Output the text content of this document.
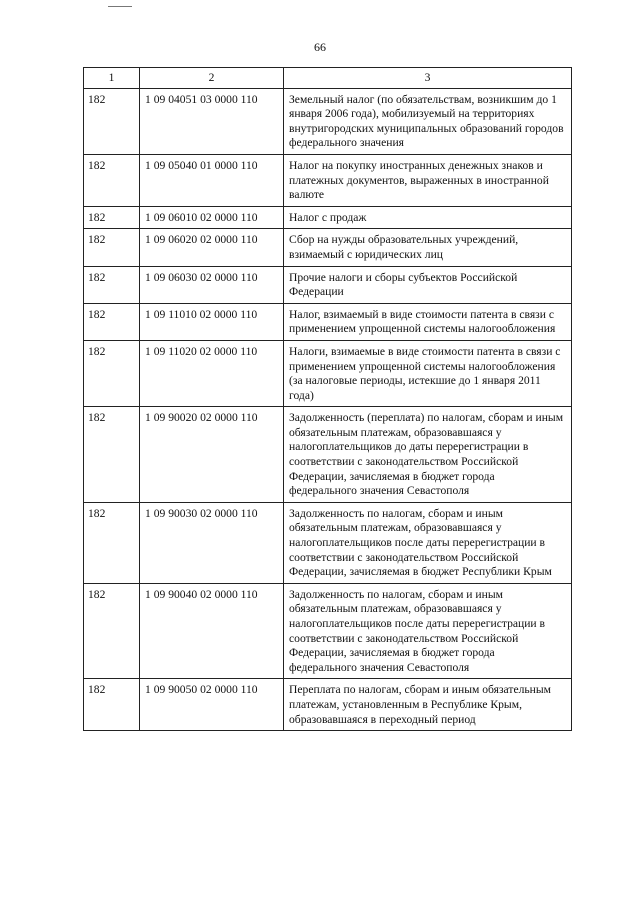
66
1	2	3
182	1 09 04051 03 0000 110	Земельный налог (по обязательствам, возникшим до 1 января 2006 года), мобилизуемый на территориях внутригородских муниципальных образований городов федерального значения
182	1 09 05040 01 0000 110	Налог на покупку иностранных денежных знаков и платежных документов, выраженных в иностранной валюте
182	1 09 06010 02 0000 110	Налог с продаж
182	1 09 06020 02 0000 110	Сбор на нужды образовательных учреждений, взимаемый с юридических лиц
182	1 09 06030 02 0000 110	Прочие налоги и сборы субъектов Российской Федерации
182	1 09 11010 02 0000 110	Налог, взимаемый в виде стоимости патента в связи с применением упрощенной системы налогообложения
182	1 09 11020 02 0000 110	Налоги, взимаемые в виде стоимости патента в связи с применением упрощенной системы налогообложения (за налоговые периоды, истекшие до 1 января 2011 года)
182	1 09 90020 02 0000 110	Задолженность (переплата) по налогам, сборам и иным обязательным платежам, образовавшаяся у налогоплательщиков до даты перерегистрации в соответствии с законодательством Российской Федерации, зачисляемая в бюджет города федерального значения Севастополя
182	1 09 90030 02 0000 110	Задолженность по налогам, сборам и иным обязательным платежам, образовавшаяся у налогоплательщиков после даты перерегистрации в соответствии с законодательством Российской Федерации, зачисляемая в бюджет Республики Крым
182	1 09 90040 02 0000 110	Задолженность по налогам, сборам и иным обязательным платежам, образовавшаяся у налогоплательщиков после даты перерегистрации в соответствии с законодательством Российской Федерации, зачисляемая в бюджет города федерального значения Севастополя
182	1 09 90050 02 0000 110	Переплата по налогам, сборам и иным обязательным платежам, установленным в Республике Крым, образовавшаяся в переходный период
